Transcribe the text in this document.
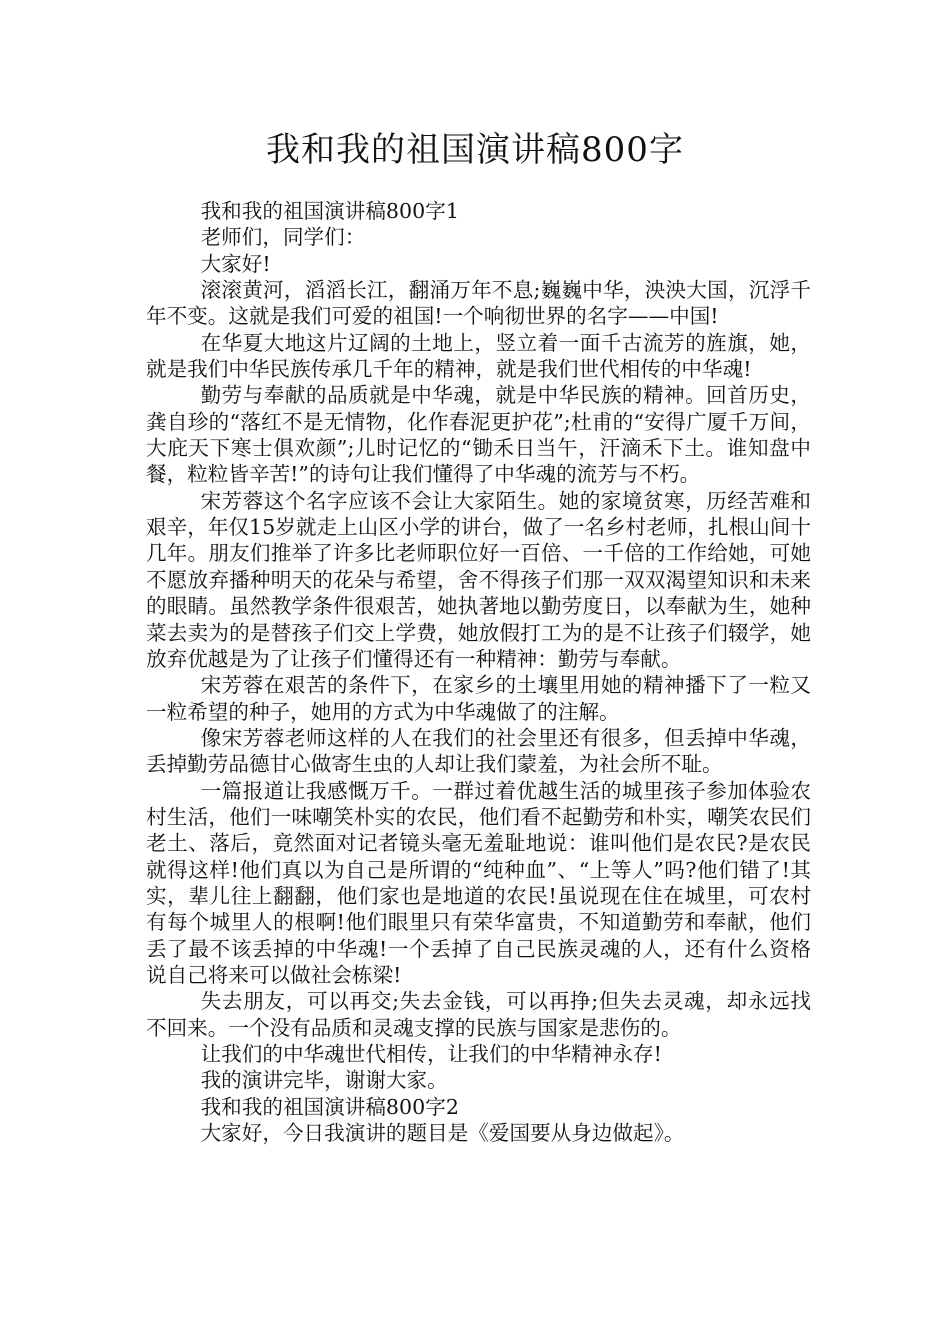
我和我的祖国演讲稿800字

我和我的祖国演讲稿800字1

老师们，同学们：

大家好!

滚滚黄河，滔滔长江，翻涌万年不息;巍巍中华，泱泱大国，沉浮千年不变。这就是我们可爱的祖国!一个响彻世界的名字——中国!

在华夏大地这片辽阔的土地上，竖立着一面千古流芳的旌旗，她，就是我们中华民族传承几千年的精神，就是我们世代相传的中华魂!

勤劳与奉献的品质就是中华魂，就是中华民族的精神。回首历史，龚自珍的“落红不是无情物，化作春泥更护花”;杜甫的“安得广厦千万间，大庇天下寒士俱欢颜”;儿时记忆的“锄禾日当午，汗滴禾下土。谁知盘中餐，粒粒皆辛苦!”的诗句让我们懂得了中华魂的流芳与不朽。

宋芳蓉这个名字应该不会让大家陌生。她的家境贫寒，历经苦难和艰辛，年仅15岁就走上山区小学的讲台，做了一名乡村老师，扎根山间十几年。朋友们推举了许多比老师职位好一百倍、一千倍的工作给她，可她不愿放弃播种明天的花朵与希望，舍不得孩子们那一双双渴望知识和未来的眼睛。虽然教学条件很艰苦，她执著地以勤劳度日，以奉献为生，她种菜去卖为的是替孩子们交上学费，她放假打工为的是不让孩子们辍学，她放弃优越是为了让孩子们懂得还有一种精神：勤劳与奉献。

宋芳蓉在艰苦的条件下，在家乡的土壤里用她的精神播下了一粒又一粒希望的种子，她用的方式为中华魂做了的注解。

像宋芳蓉老师这样的人在我们的社会里还有很多，但丢掉中华魂，丢掉勤劳品德甘心做寄生虫的人却让我们蒙羞，为社会所不耻。

一篇报道让我感慨万千。一群过着优越生活的城里孩子参加体验农村生活，他们一味嘲笑朴实的农民，他们看不起勤劳和朴实，嘲笑农民们老土、落后，竟然面对记者镜头毫无羞耻地说：谁叫他们是农民?是农民就得这样!他们真以为自己是所谓的“纯种血”、“上等人”吗?他们错了!其实，辈儿往上翻翻，他们家也是地道的农民!虽说现在住在城里，可农村有每个城里人的根啊!他们眼里只有荣华富贵，不知道勤劳和奉献，他们丢了最不该丢掉的中华魂!一个丢掉了自己民族灵魂的人，还有什么资格说自己将来可以做社会栋梁!

失去朋友，可以再交;失去金钱，可以再挣;但失去灵魂，却永远找不回来。一个没有品质和灵魂支撑的民族与国家是悲伤的。

让我们的中华魂世代相传，让我们的中华精神永存!

我的演讲完毕，谢谢大家。

我和我的祖国演讲稿800字2

大家好，今日我演讲的题目是《爱国要从身边做起》。
